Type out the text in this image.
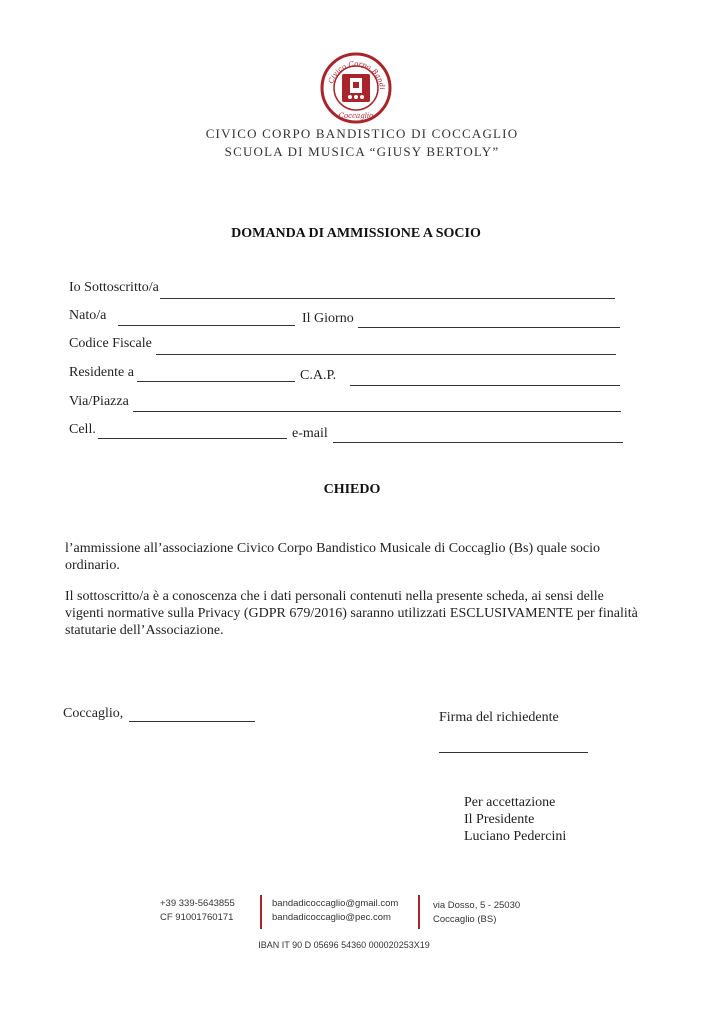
Civico Corpo Bandi
Coccaglio
CIVICO CORPO BANDISTICO DI COCCAGLIO
SCUOLA DI MUSICA “GIUSY BERTOLY”
DOMANDA DI AMMISSIONE A SOCIO
Io Sottoscritto/a
Nato/a	Il Giorno
Codice Fiscale
Residente a	C.A.P.
Via/Piazza
Cell.	e-mail
CHIEDO
l’ammissione all’associazione Civico Corpo Bandistico Musicale di Coccaglio (Bs) quale socio ordinario.
Il sottoscritto/a è a conoscenza che i dati personali contenuti nella presente scheda, ai sensi delle vigenti normative sulla Privacy (GDPR 679/2016) saranno utilizzati ESCLUSIVAMENTE per finalità statutarie dell’Associazione.
Coccaglio,	Firma del richiedente
Per accettazione
Il Presidente
Luciano Pedercini
+39 339-5643855
CF 91001760171
bandadicoccaglio@gmail.com
bandadicoccaglio@pec.com
via Dosso, 5 - 25030
Coccaglio (BS)
IBAN IT 90 D 05696 54360 000020253X19
